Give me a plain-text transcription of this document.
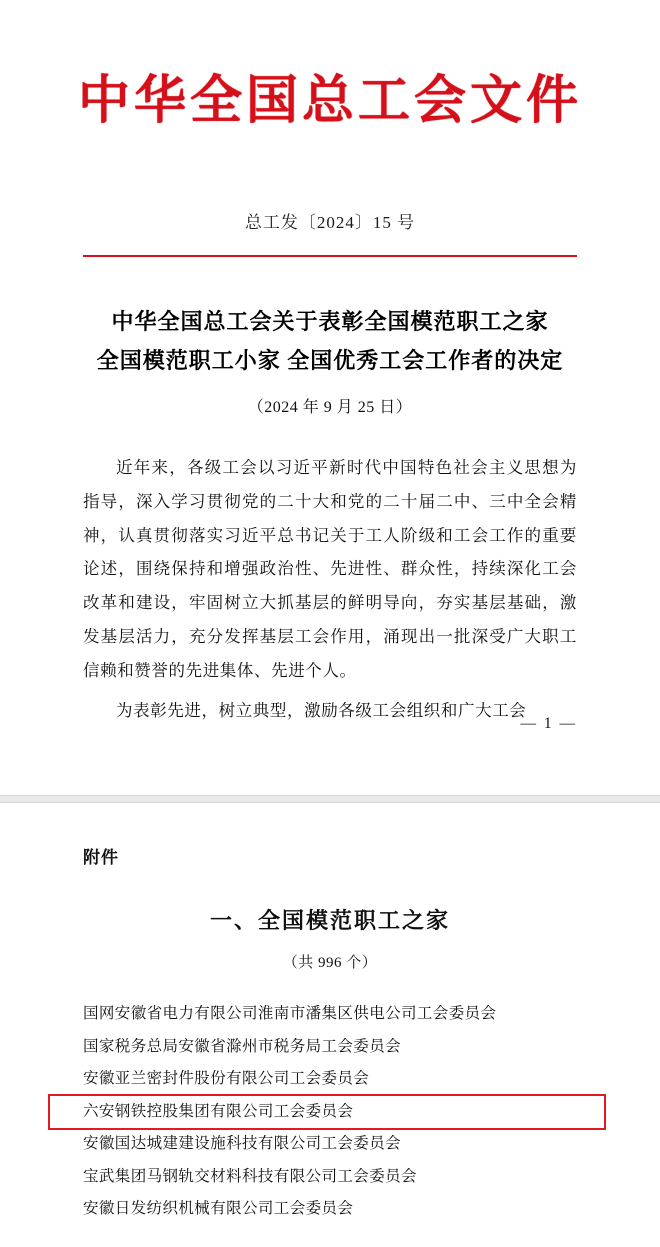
中华全国总工会文件
总工发〔2024〕15 号
中华全国总工会关于表彰全国模范职工之家
全国模范职工小家 全国优秀工会工作者的决定
（2024 年 9 月 25 日）

近年来，各级工会以习近平新时代中国特色社会主义思想为指导，深入学习贯彻党的二十大和党的二十届二中、三中全会精神，认真贯彻落实习近平总书记关于工人阶级和工会工作的重要论述，围绕保持和增强政治性、先进性、群众性，持续深化工会改革和建设，牢固树立大抓基层的鲜明导向，夯实基层基础，激发基层活力，充分发挥基层工会作用，涌现出一批深受广大职工信赖和赞誉的先进集体、先进个人。

为表彰先进，树立典型，激励各级工会组织和广大工会

— 1 —
附件
一、全国模范职工之家
（共 996 个）
国网安徽省电力有限公司淮南市潘集区供电公司工会委员会
国家税务总局安徽省滁州市税务局工会委员会
安徽亚兰密封件股份有限公司工会委员会
六安钢铁控股集团有限公司工会委员会
安徽国达城建建设施科技有限公司工会委员会
宝武集团马钢轨交材料科技有限公司工会委员会
安徽日发纺织机械有限公司工会委员会
